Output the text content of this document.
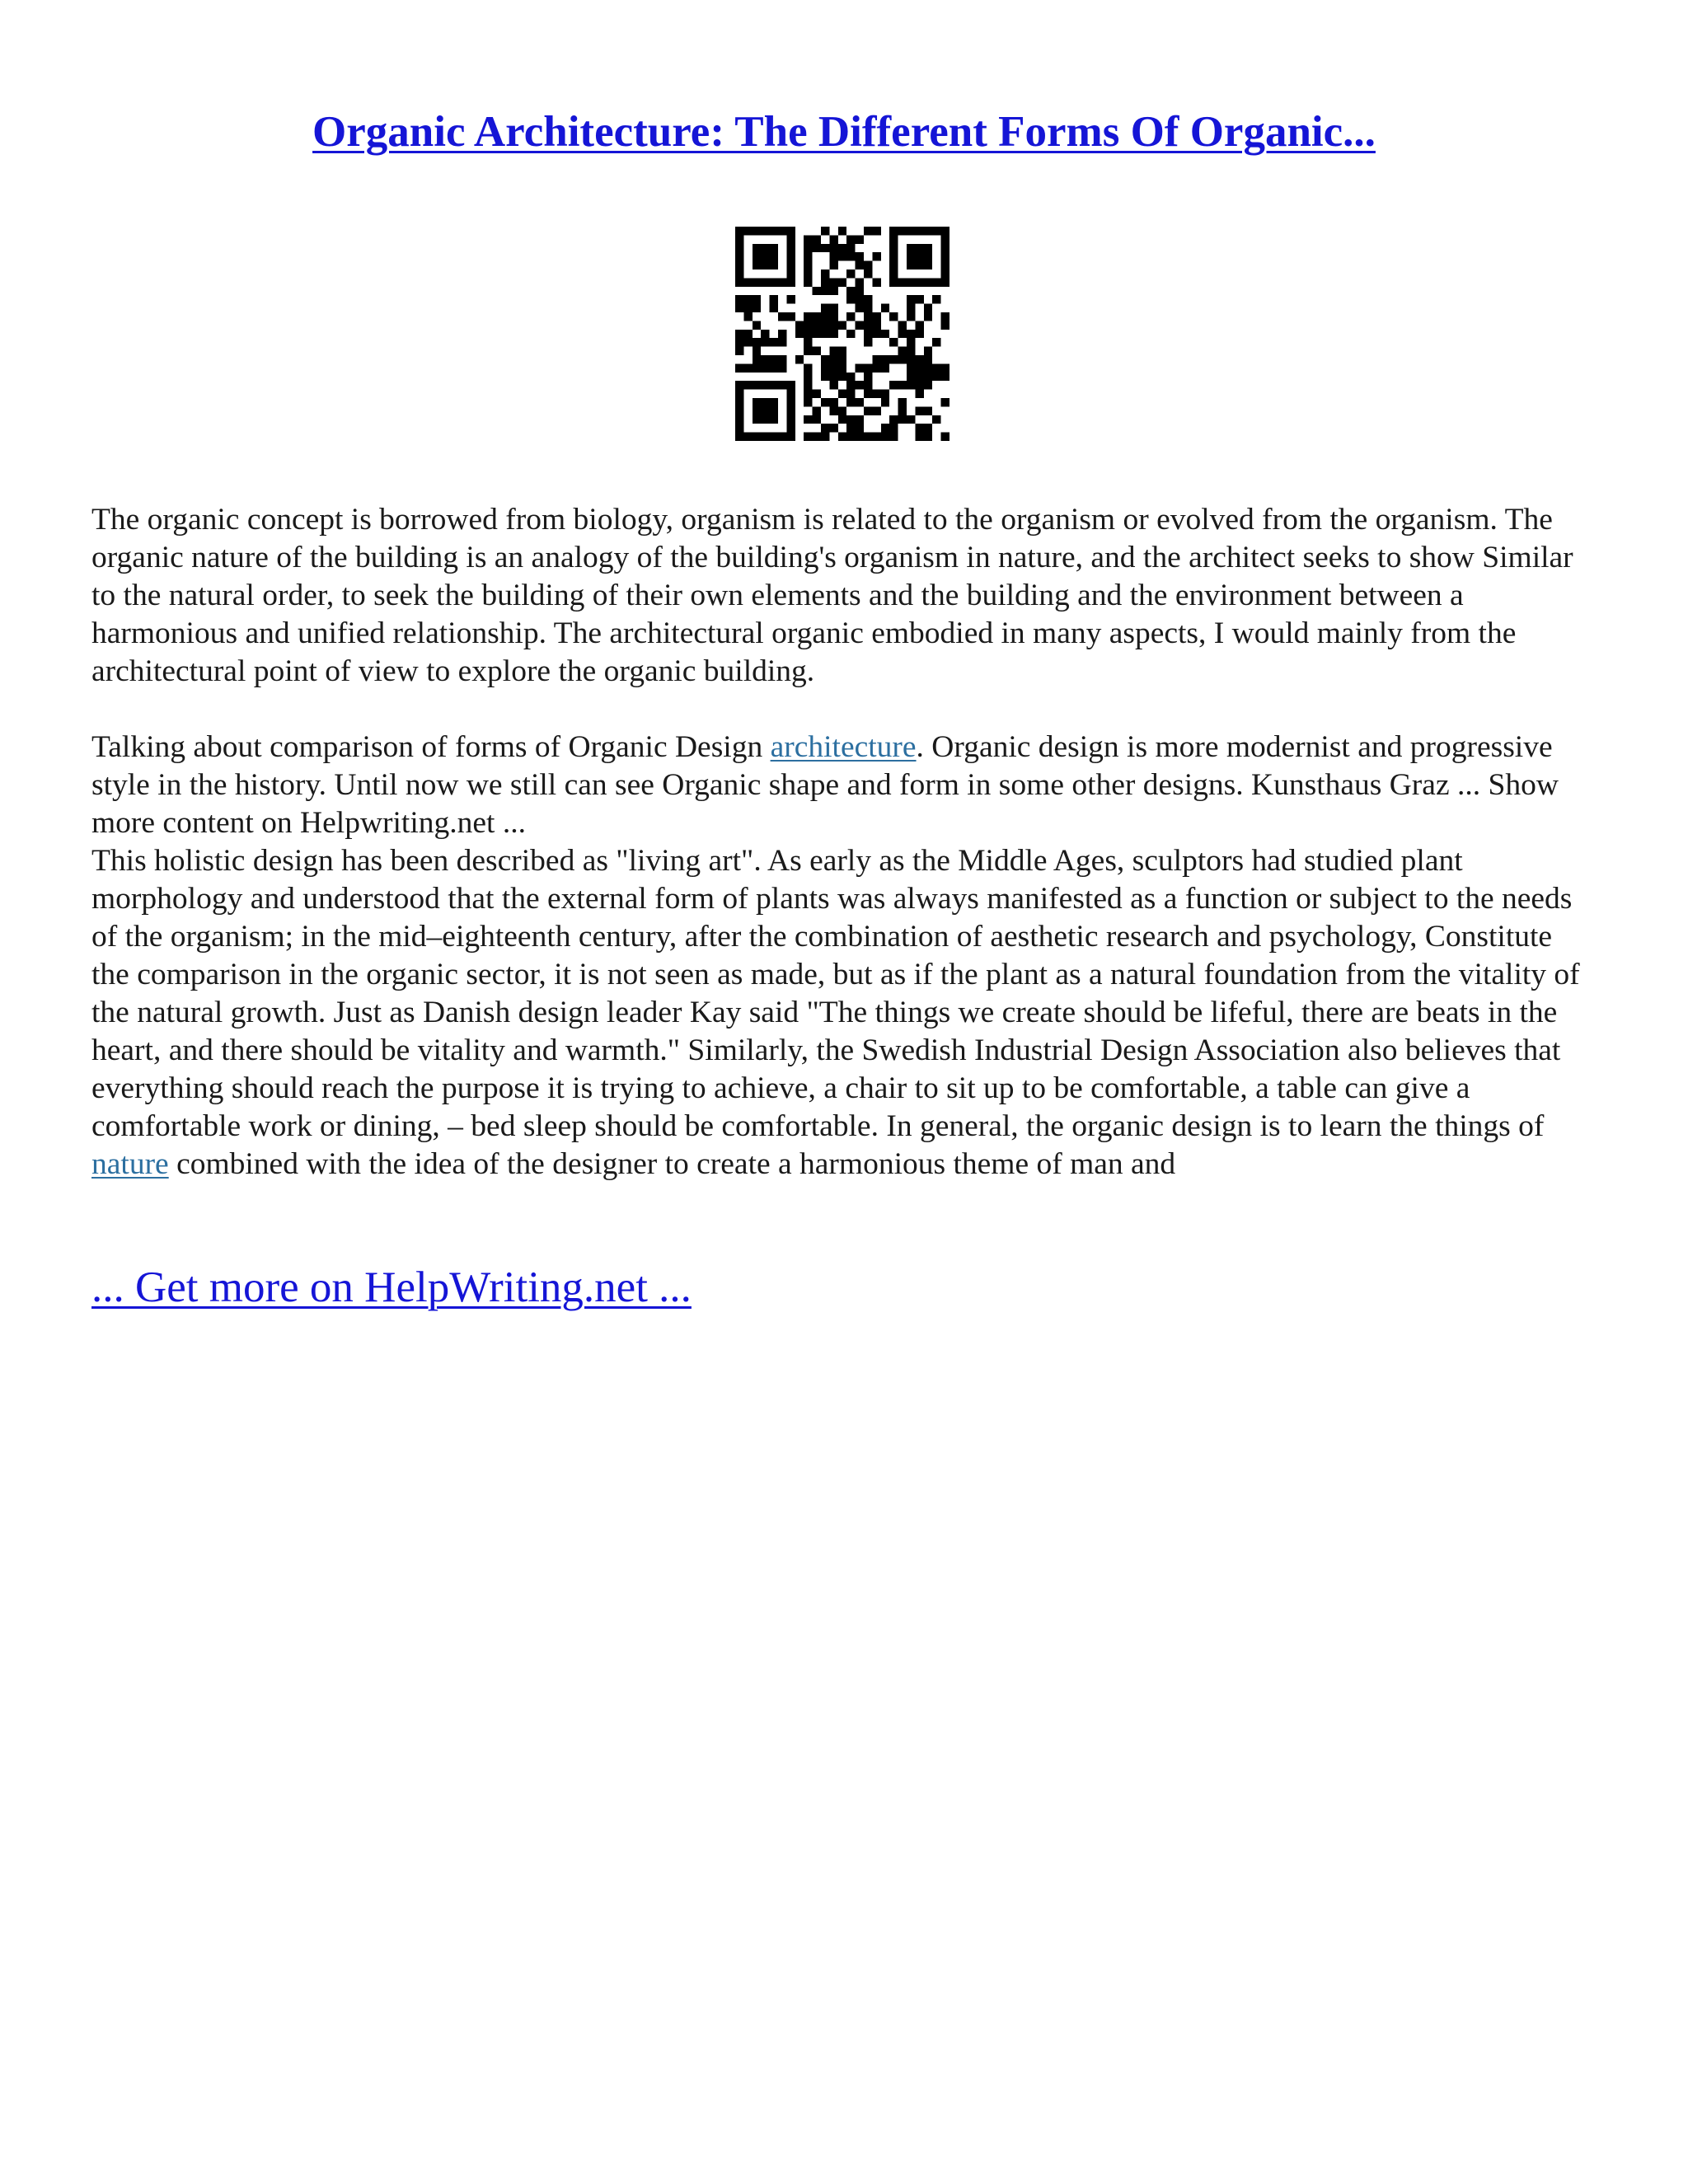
Organic Architecture: The Different Forms Of Organic...
The organic concept is borrowed from biology, organism is related to the organism or evolved from the organism. The organic nature of the building is an analogy of the building's organism in nature, and the architect seeks to show Similar to the natural order, to seek the building of their own elements and the building and the environment between a harmonious and unified relationship. The architectural organic embodied in many aspects, I would mainly from the architectural point of view to explore the organic building.
Talking about comparison of forms of Organic Design architecture. Organic design is more modernist and progressive style in the history. Until now we still can see Organic shape and form in some other designs. Kunsthaus Graz ... Show more content on Helpwriting.net ...
This holistic design has been described as "living art". As early as the Middle Ages, sculptors had studied plant morphology and understood that the external form of plants was always manifested as a function or subject to the needs of the organism; in the mid–eighteenth century, after the combination of aesthetic research and psychology, Constitute the comparison in the organic sector, it is not seen as made, but as if the plant as a natural foundation from the vitality of the natural growth. Just as Danish design leader Kay said "The things we create should be lifeful, there are beats in the heart, and there should be vitality and warmth." Similarly, the Swedish Industrial Design Association also believes that everything should reach the purpose it is trying to achieve, a chair to sit up to be comfortable, a table can give a comfortable work or dining, – bed sleep should be comfortable. In general, the organic design is to learn the things of nature combined with the idea of the designer to create a harmonious theme of man and
... Get more on HelpWriting.net ...
